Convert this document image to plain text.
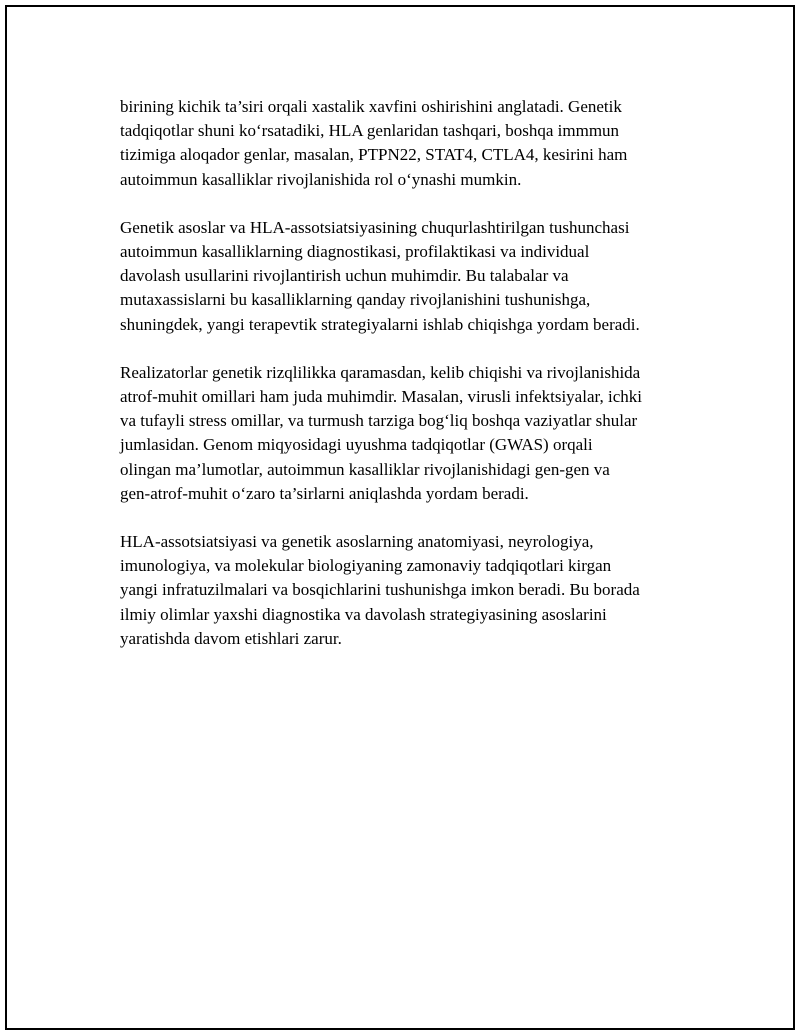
birining kichik ta’siri orqali xastalik xavfini oshirishini anglatadi. Genetik
tadqiqotlar shuni ko‘rsatadiki, HLA genlaridan tashqari, boshqa immmun
tizimiga aloqador genlar, masalan, PTPN22, STAT4, CTLA4, kesirini ham
autoimmun kasalliklar rivojlanishida rol o‘ynashi mumkin.

Genetik asoslar va HLA-assotsiatsiyasining chuqurlashtirilgan tushunchasi
autoimmun kasalliklarning diagnostikasi, profilaktikasi va individual
davolash usullarini rivojlantirish uchun muhimdir. Bu talabalar va
mutaxassislarni bu kasalliklarning qanday rivojlanishini tushunishga,
shuningdek, yangi terapevtik strategiyalarni ishlab chiqishga yordam beradi.

Realizatorlar genetik rizqlilikka qaramasdan, kelib chiqishi va rivojlanishida
atrof-muhit omillari ham juda muhimdir. Masalan, virusli infektsiyalar, ichki
va tufayli stress omillar, va turmush tarziga bog‘liq boshqa vaziyatlar shular
jumlasidan. Genom miqyosidagi uyushma tadqiqotlar (GWAS) orqali
olingan ma’lumotlar, autoimmun kasalliklar rivojlanishidagi gen-gen va
gen-atrof-muhit o‘zaro ta’sirlarni aniqlashda yordam beradi.

HLA-assotsiatsiyasi va genetik asoslarning anatomiyasi, neyrologiya,
imunologiya, va molekular biologiyaning zamonaviy tadqiqotlari kirgan
yangi infratuzilmalari va bosqichlarini tushunishga imkon beradi. Bu borada
ilmiy olimlar yaxshi diagnostika va davolash strategiyasining asoslarini
yaratishda davom etishlari zarur.
